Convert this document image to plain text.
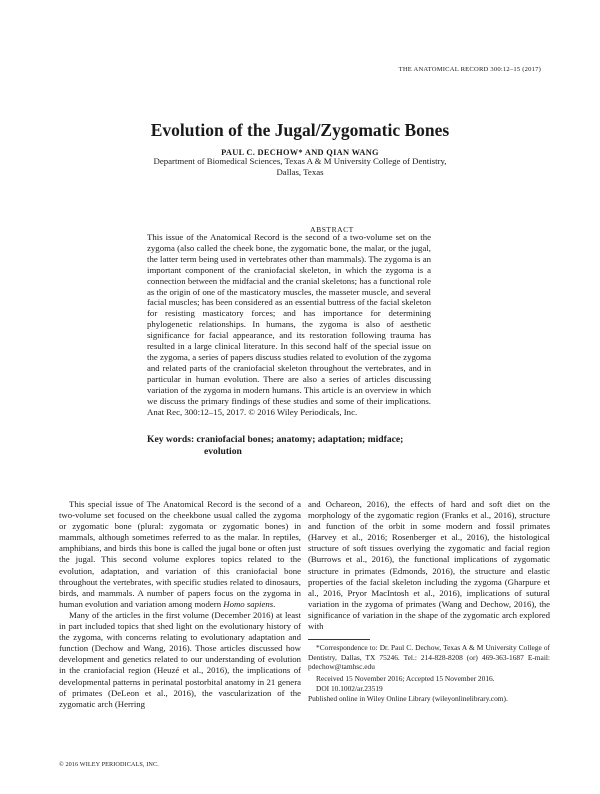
THE ANATOMICAL RECORD 300:12–15 (2017)
Evolution of the Jugal/Zygomatic Bones
PAUL C. DECHOW* AND QIAN WANG
Department of Biomedical Sciences, Texas A & M University College of Dentistry,
Dallas, Texas
ABSTRACT
This issue of the Anatomical Record is the second of a two-volume set on the zygoma (also called the cheek bone, the zygomatic bone, the malar, or the jugal, the latter term being used in vertebrates other than mammals). The zygoma is an important component of the craniofacial skeleton, in which the zygoma is a connection between the midfacial and the cranial skeletons; has a functional role as the origin of one of the masticatory muscles, the masseter muscle, and several facial muscles; has been considered as an essential buttress of the facial skeleton for resisting masticatory forces; and has importance for determining phylogenetic relationships. In humans, the zygoma is also of aesthetic significance for facial appearance, and its restoration following trauma has resulted in a large clinical literature. In this second half of the special issue on the zygoma, a series of papers discuss studies related to evolution of the zygoma and related parts of the craniofacial skeleton throughout the vertebrates, and in particular in human evolution. There are also a series of articles discussing variation of the zygoma in modern humans. This article is an overview in which we discuss the primary findings of these studies and some of their implications. Anat Rec, 300:12–15, 2017. © 2016 Wiley Periodicals, Inc.
Key words: craniofacial bones; anatomy; adaptation; midface;
evolution

This special issue of The Anatomical Record is the second of a two-volume set focused on the cheekbone usual called the zygoma or zygomatic bone (plural: zygomata or zygomatic bones) in mammals, although sometimes referred to as the malar. In reptiles, amphibians, and birds this bone is called the jugal bone or often just the jugal. This second volume explores topics related to the evolution, adaptation, and variation of this craniofacial bone throughout the vertebrates, with specific studies related to dinosaurs, birds, and mammals. A number of papers focus on the zygoma in human evolution and variation among modern Homo sapiens.

Many of the articles in the first volume (December 2016) at least in part included topics that shed light on the evolutionary history of the zygoma, with concerns relating to evolutionary adaptation and function (Dechow and Wang, 2016). Those articles discussed how development and genetics related to our understanding of evolution in the craniofacial region (Heuzé et al., 2016), the implications of developmental patterns in perinatal postorbital anatomy in 21 genera of primates (DeLeon et al., 2016), the vascularization of the zygomatic arch (Herring

and Ochareon, 2016), the effects of hard and soft diet on the morphology of the zygomatic region (Franks et al., 2016), structure and function of the orbit in some modern and fossil primates (Harvey et al., 2016; Rosenberger et al., 2016), the histological structure of soft tissues overlying the zygomatic and facial region (Burrows et al., 2016), the functional implications of zygomatic structure in primates (Edmonds, 2016), the structure and elastic properties of the facial skeleton including the zygoma (Gharpure et al., 2016, Pryor MacIntosh et al., 2016), implications of sutural variation in the zygoma of primates (Wang and Dechow, 2016), the significance of variation in the shape of the zygomatic arch explored with

*Correspondence to: Dr. Paul C. Dechow, Texas A & M University College of Dentistry, Dallas, TX 75246. Tel.: 214-828-8208 (or) 469-363-1687 E-mail: pdechow@tamhsc.edu

Received 15 November 2016; Accepted 15 November 2016.

DOI 10.1002/ar.23519

Published online in Wiley Online Library (wileyonlinelibrary.com).

© 2016 WILEY PERIODICALS, INC.
